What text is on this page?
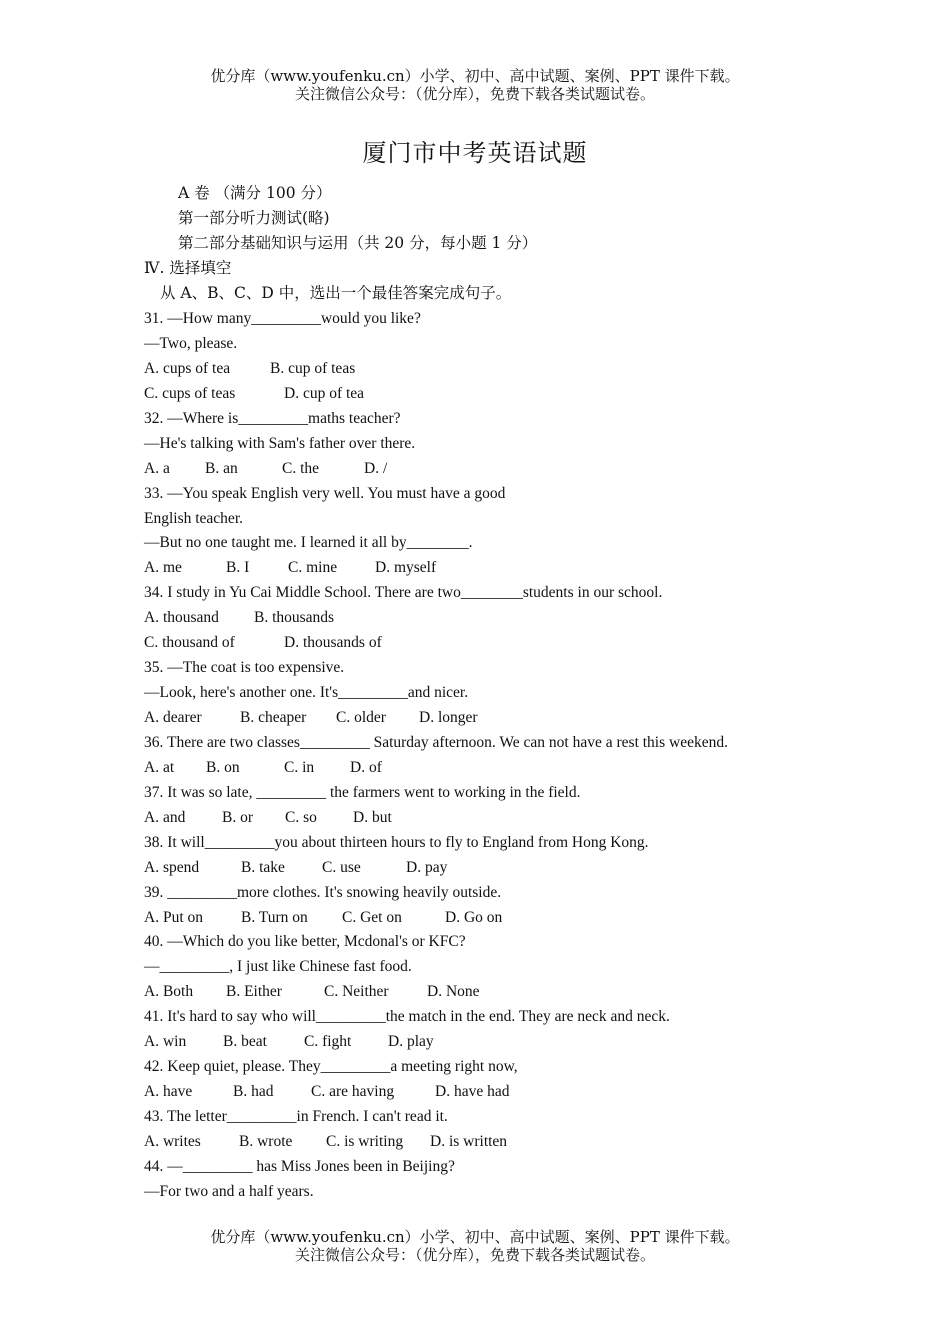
优分库（www.youfenku.cn）小学、初中、高中试题、案例、PPT 课件下载。
关注微信公众号：（优分库），免费下载各类试题试卷。
厦门市中考英语试题
A 卷 （满分 100 分）
第一部分听力测试(略)
第二部分基础知识与运用（共 20 分，每小题 1 分）
Ⅳ. 选择填空
从 A、B、C、D 中，选出一个最佳答案完成句子。
31. —How many_________would you like?
—Two, please.
A. cups of tea	B. cup of teas
C. cups of teas	D. cup of tea
32. —Where is_________maths teacher?
—He's talking with Sam's father over there.
A. a B. an	C. the	D. /
33. —You speak English very well. You must have a good
English teacher.
—But no one taught me. I learned it all by________.
A. me	B. I	C. mine D. myself
34. I study in Yu Cai Middle School. There are two________students in our school.
A. thousand B. thousands
C. thousand of	D. thousands of
35. —The coat is too expensive.
—Look, here's another one. It's_________and nicer.
A. dearer B. cheaper C. older D. longer
36. There are two classes_________ Saturday afternoon. We can not have a rest this weekend.
A. at B. on	C. in D. of
37. It was so late, _________ the farmers went to working in the field.
A. and B. or C. so D. but
38. It will_________you about thirteen hours to fly to England from Hong Kong.
A. spend	B. take C. use	D. pay
39. _________more clothes. It's snowing heavily outside.
A. Put on B. Turn on C. Get on	D. Go on
40. —Which do you like better, Mcdonal's or KFC?
—_________, I just like Chinese fast food.
A. Both B. Either	C. Neither D. None
41. It's hard to say who will_________the match in the end. They are neck and neck.
A. win B. beat C. fight D. play
42. Keep quiet, please. They_________a meeting right now,
A. have	B. had C. are having	D. have had
43. The letter_________in French. I can't read it.
A. writes B. wrote C. is writing D. is written
44. —_________ has Miss Jones been in Beijing?
—For two and a half years.
优分库（www.youfenku.cn）小学、初中、高中试题、案例、PPT 课件下载。
关注微信公众号：（优分库），免费下载各类试题试卷。
